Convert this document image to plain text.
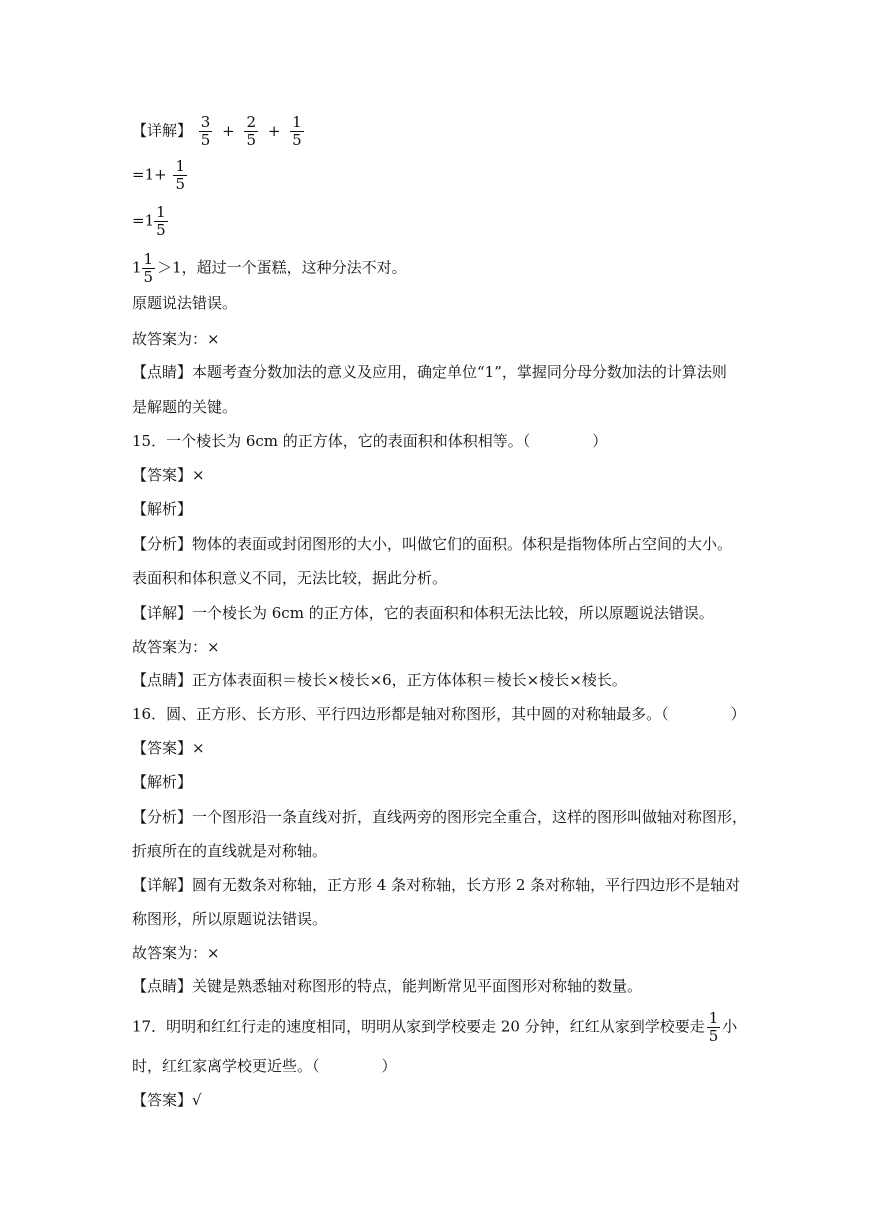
【详解】 $\frac{3}{5} + \frac{2}{5} + \frac{1}{5}$
$=1+ \frac{1}{5}$
$=1 \frac{1}{5}$
$1 \frac{1}{5} >1$，超过一个蛋糕，这种分法不对。
原题说法错误。
故答案为：×
【点睛】本题考查分数加法的意义及应用，确定单位“1”，掌握同分母分数加法的计算法则
是解题的关键。
15．一个棱长为 6cm 的正方体，它的表面积和体积相等。（	）
【答案】×
【解析】
【分析】物体的表面或封闭图形的大小，叫做它们的面积。体积是指物体所占空间的大小。
表面积和体积意义不同，无法比较，据此分析。
【详解】一个棱长为 6cm 的正方体，它的表面积和体积无法比较，所以原题说法错误。
故答案为：×
【点睛】正方体表面积＝棱长×棱长×6，正方体体积＝棱长×棱长×棱长。
16．圆、正方形、长方形、平行四边形都是轴对称图形，其中圆的对称轴最多。（	）
【答案】×
【解析】
【分析】一个图形沿一条直线对折，直线两旁的图形完全重合，这样的图形叫做轴对称图形，
折痕所在的直线就是对称轴。
【详解】圆有无数条对称轴，正方形 4 条对称轴，长方形 2 条对称轴，平行四边形不是轴对
称图形，所以原题说法错误。
故答案为：×
【点睛】关键是熟悉轴对称图形的特点，能判断常见平面图形对称轴的数量。
17．明明和红红行走的速度相同，明明从家到学校要走 20 分钟，红红从家到学校要走 $\frac{1}{5}$ 小
时，红红家离学校更近些。（	）
【答案】√
